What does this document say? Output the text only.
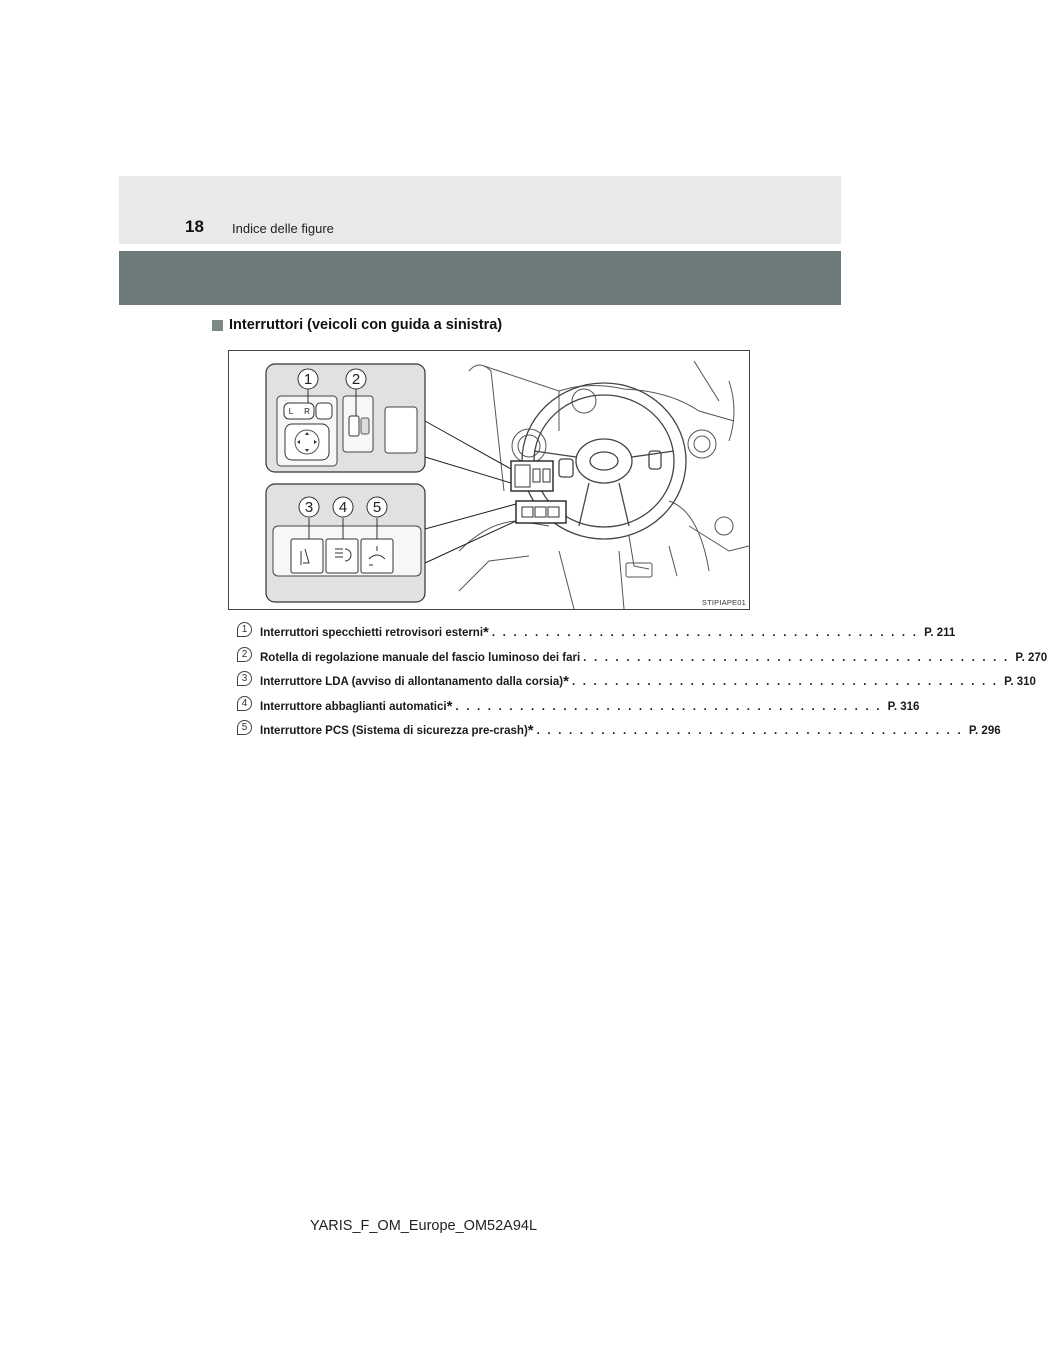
18 Indice delle figure
Interruttori (veicoli con guida a sinistra)
1	2
3 4 5
L R
STIPIAPE01
1	Interruttori specchietti retrovisori esterni* . . . . . . . . . . . . . . . . . . . . . . . . . . . . . . . . . . . . . . . . P. 211
2	Rotella di regolazione manuale del fascio luminoso dei fari . . . . . . . . . . . . . . . . . . . . . . . . . . . . . . . . . . . . . . . . P. 270
3	Interruttore LDA (avviso di allontanamento dalla corsia)* . . . . . . . . . . . . . . . . . . . . . . . . . . . . . . . . . . . . . . . . P. 310
4	Interruttore abbaglianti automatici* . . . . . . . . . . . . . . . . . . . . . . . . . . . . . . . . . . . . . . . . P. 316
5	Interruttore PCS (Sistema di sicurezza pre-crash)* . . . . . . . . . . . . . . . . . . . . . . . . . . . . . . . . . . . . . . . . P. 296
YARIS_F_OM_Europe_OM52A94L
